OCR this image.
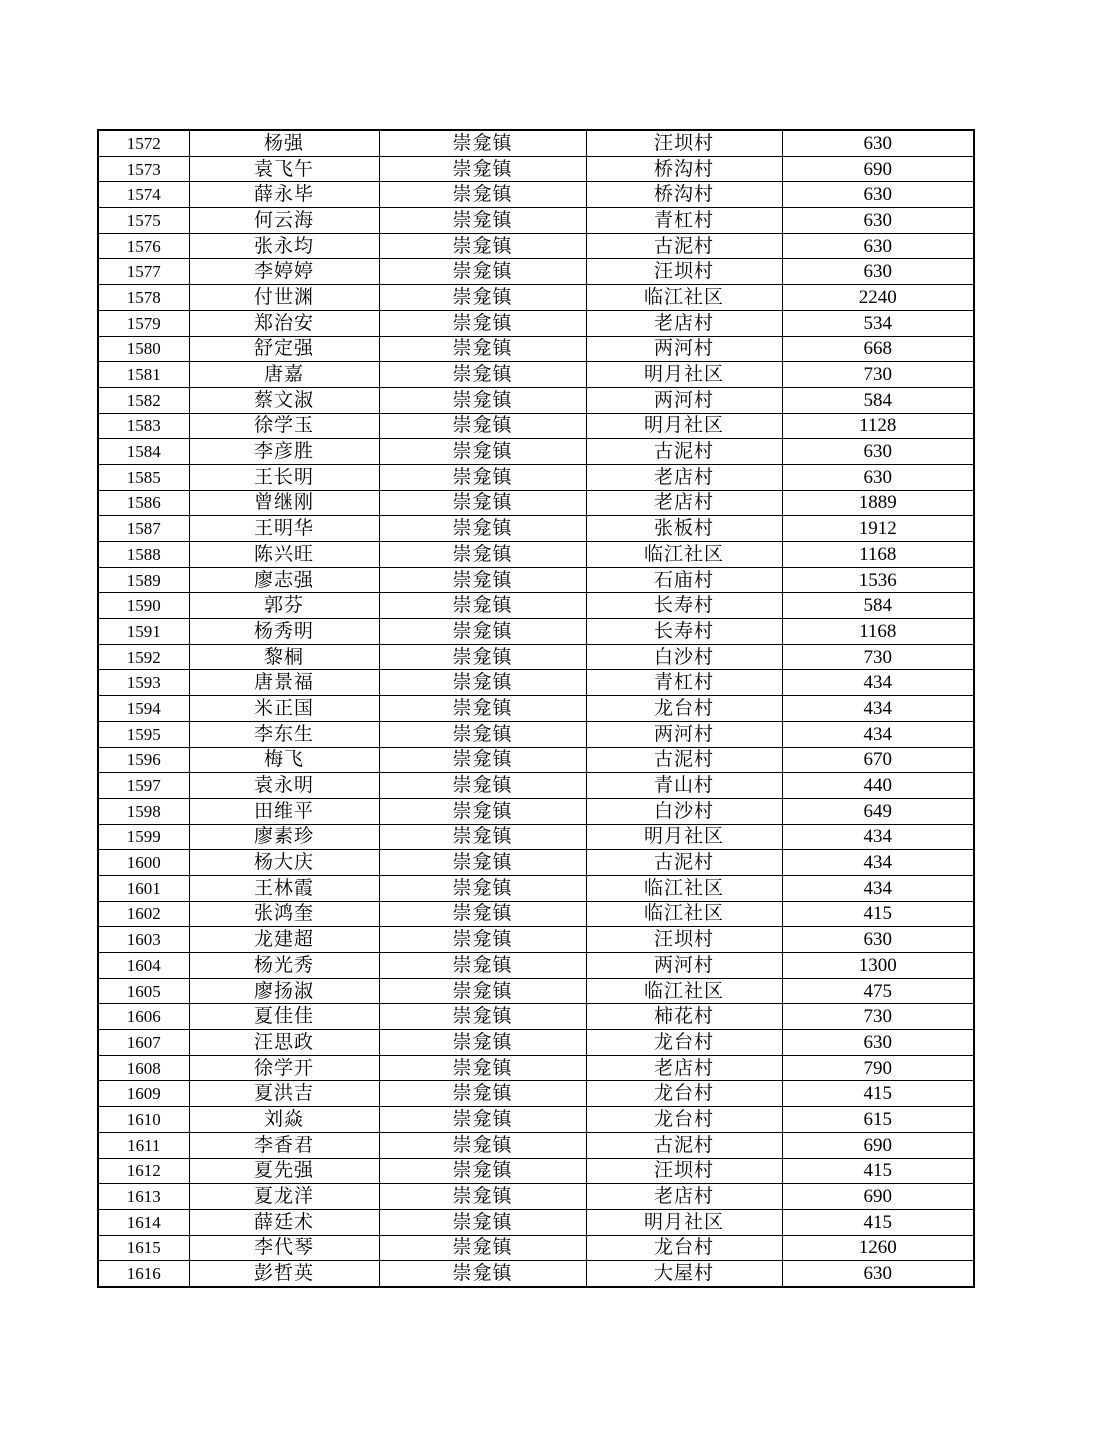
1572	杨强	崇龛镇	汪坝村	630
1573	袁飞午	崇龛镇	桥沟村	690
1574	薛永毕	崇龛镇	桥沟村	630
1575	何云海	崇龛镇	青杠村	630
1576	张永均	崇龛镇	古泥村	630
1577	李婷婷	崇龛镇	汪坝村	630
1578	付世渊	崇龛镇	临江社区	2240
1579	郑治安	崇龛镇	老店村	534
1580	舒定强	崇龛镇	两河村	668
1581	唐嘉	崇龛镇	明月社区	730
1582	蔡文淑	崇龛镇	两河村	584
1583	徐学玉	崇龛镇	明月社区	1128
1584	李彦胜	崇龛镇	古泥村	630
1585	王长明	崇龛镇	老店村	630
1586	曾继刚	崇龛镇	老店村	1889
1587	王明华	崇龛镇	张板村	1912
1588	陈兴旺	崇龛镇	临江社区	1168
1589	廖志强	崇龛镇	石庙村	1536
1590	郭芬	崇龛镇	长寿村	584
1591	杨秀明	崇龛镇	长寿村	1168
1592	黎桐	崇龛镇	白沙村	730
1593	唐景福	崇龛镇	青杠村	434
1594	米正国	崇龛镇	龙台村	434
1595	李东生	崇龛镇	两河村	434
1596	梅飞	崇龛镇	古泥村	670
1597	袁永明	崇龛镇	青山村	440
1598	田维平	崇龛镇	白沙村	649
1599	廖素珍	崇龛镇	明月社区	434
1600	杨大庆	崇龛镇	古泥村	434
1601	王林霞	崇龛镇	临江社区	434
1602	张鸿奎	崇龛镇	临江社区	415
1603	龙建超	崇龛镇	汪坝村	630
1604	杨光秀	崇龛镇	两河村	1300
1605	廖扬淑	崇龛镇	临江社区	475
1606	夏佳佳	崇龛镇	柿花村	730
1607	汪思政	崇龛镇	龙台村	630
1608	徐学开	崇龛镇	老店村	790
1609	夏洪吉	崇龛镇	龙台村	415
1610	刘焱	崇龛镇	龙台村	615
1611	李香君	崇龛镇	古泥村	690
1612	夏先强	崇龛镇	汪坝村	415
1613	夏龙洋	崇龛镇	老店村	690
1614	薛廷术	崇龛镇	明月社区	415
1615	李代琴	崇龛镇	龙台村	1260
1616	彭哲英	崇龛镇	大屋村	630
